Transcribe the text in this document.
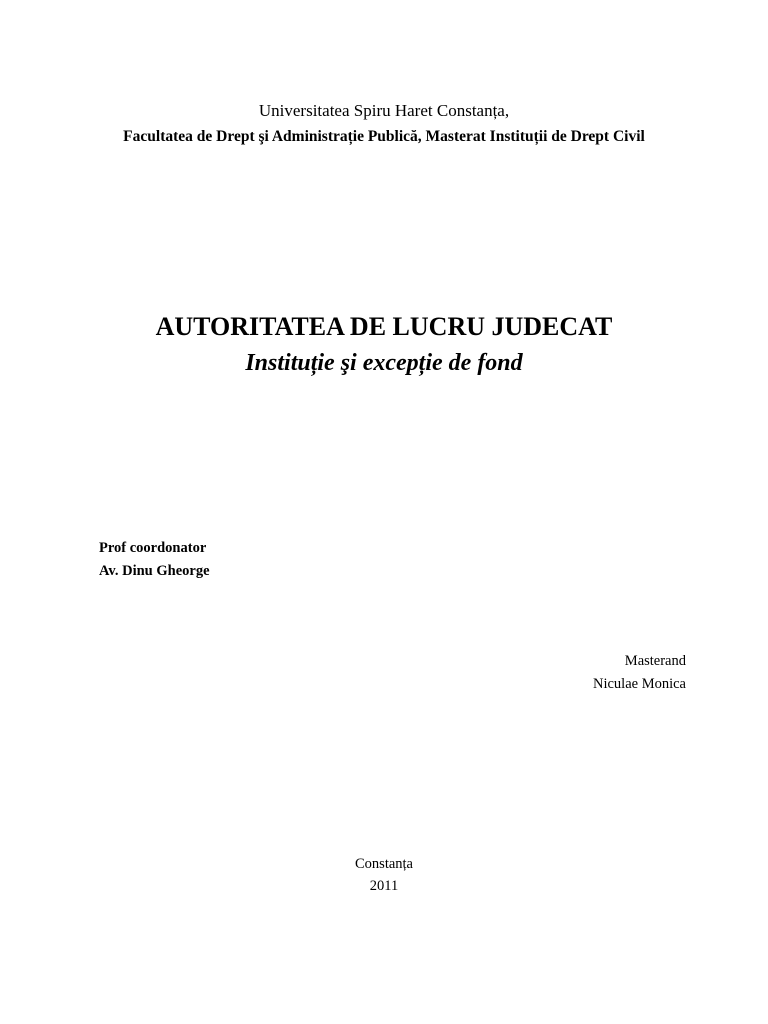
Universitatea Spiru Haret Constanța,
Facultatea de Drept şi Administrație Publică, Masterat Instituții de Drept Civil
AUTORITATEA DE LUCRU JUDECAT
Instituție şi excepție de fond
Prof coordonator
Av. Dinu Gheorge
Masterand
Niculae Monica
Constanța
2011
